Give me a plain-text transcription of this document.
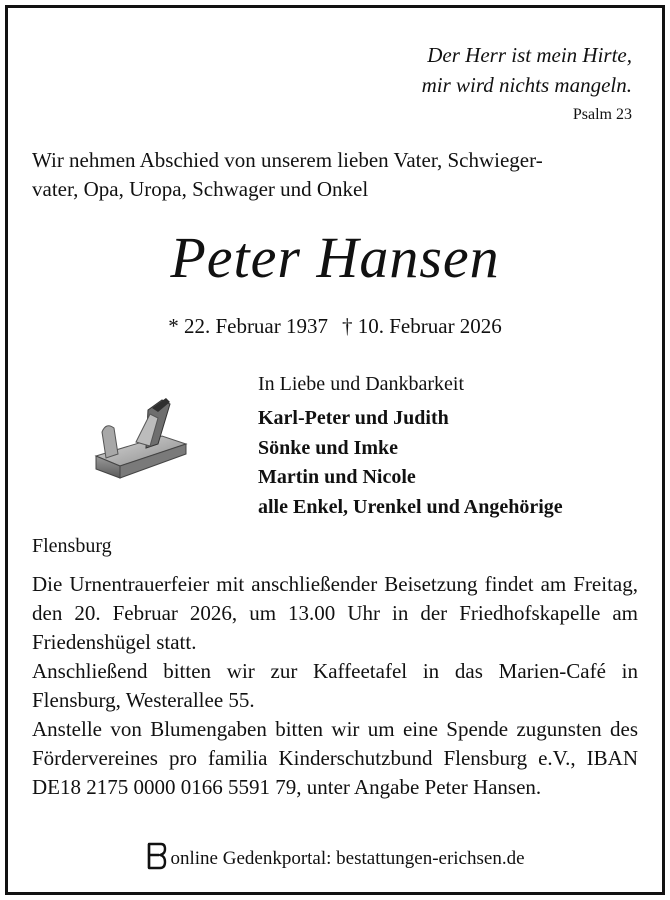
Der Herr ist mein Hirte,
mir wird nichts mangeln.
Psalm 23
Wir nehmen Abschied von unserem lieben Vater, Schwieger-
vater, Opa, Uropa, Schwager und Onkel
Peter Hansen
* 22. Februar 1937 † 10. Februar 2026
In Liebe und Dankbarkeit
Karl-Peter und Judith
Sönke und Imke
Martin und Nicole
alle Enkel, Urenkel und Angehörige
Flensburg

Die Urnentrauerfeier mit anschließender Beisetzung findet am Freitag, den 20. Februar 2026, um 13.00 Uhr in der Friedhofskapelle am Friedenshügel statt.

Anschließend bitten wir zur Kaffeetafel in das Marien-Café in Flensburg, Westerallee 55.

Anstelle von Blumengaben bitten wir um eine Spende zugunsten des Fördervereines pro familia Kinderschutzbund Flensburg e.V., IBAN DE18 2175 0000 0166 5591 79, unter Angabe Peter Hansen.

online Gedenkportal: bestattungen-erichsen.de
